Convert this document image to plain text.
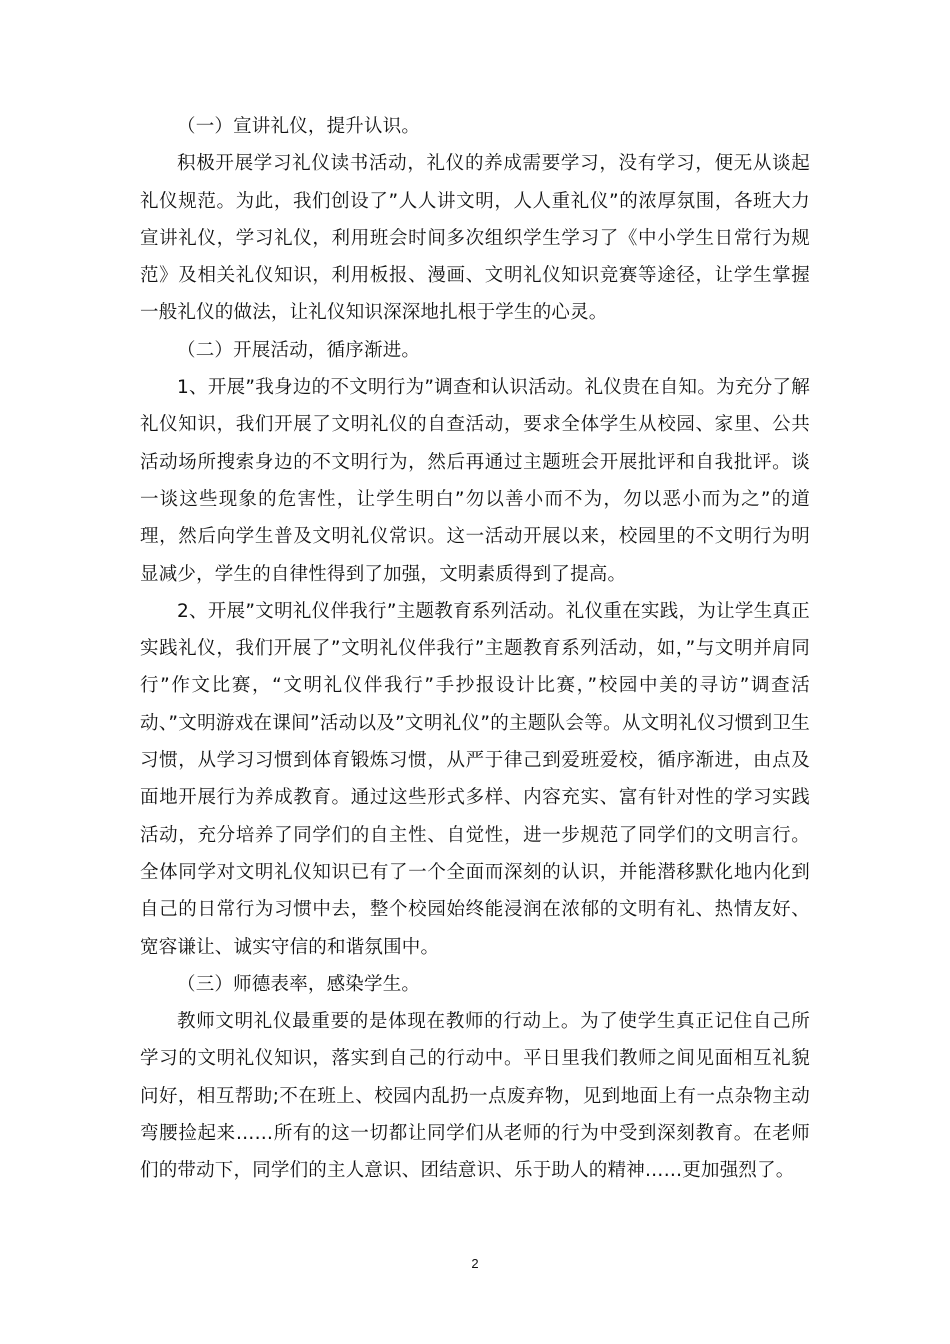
（一）宣讲礼仪，提升认识。

积极开展学习礼仪读书活动，礼仪的养成需要学习，没有学习，便无从谈起礼仪规范。为此，我们创设了”人人讲文明，人人重礼仪”的浓厚氛围，各班大力宣讲礼仪，学习礼仪，利用班会时间多次组织学生学习了《中小学生日常行为规范》及相关礼仪知识，利用板报、漫画、文明礼仪知识竞赛等途径，让学生掌握一般礼仪的做法，让礼仪知识深深地扎根于学生的心灵。

（二）开展活动，循序渐进。

1、开展”我身边的不文明行为”调查和认识活动。礼仪贵在自知。为充分了解礼仪知识，我们开展了文明礼仪的自查活动，要求全体学生从校园、家里、公共活动场所搜索身边的不文明行为，然后再通过主题班会开展批评和自我批评。谈一谈这些现象的危害性，让学生明白”勿以善小而不为，勿以恶小而为之”的道理，然后向学生普及文明礼仪常识。这一活动开展以来，校园里的不文明行为明显减少，学生的自律性得到了加强，文明素质得到了提高。

2、开展”文明礼仪伴我行”主题教育系列活动。礼仪重在实践，为让学生真正实践礼仪，我们开展了”文明礼仪伴我行”主题教育系列活动，如，”与文明并肩同行”作文比赛，“文明礼仪伴我行”手抄报设计比赛，”校园中美的寻访”调查活动、”文明游戏在课间”活动以及”文明礼仪”的主题队会等。从文明礼仪习惯到卫生习惯，从学习习惯到体育锻炼习惯，从严于律己到爱班爱校，循序渐进，由点及面地开展行为养成教育。通过这些形式多样、内容充实、富有针对性的学习实践活动，充分培养了同学们的自主性、自觉性，进一步规范了同学们的文明言行。全体同学对文明礼仪知识已有了一个全面而深刻的认识，并能潜移默化地内化到自己的日常行为习惯中去，整个校园始终能浸润在浓郁的文明有礼、热情友好、宽容谦让、诚实守信的和谐氛围中。

（三）师德表率，感染学生。

教师文明礼仪最重要的是体现在教师的行动上。为了使学生真正记住自己所学习的文明礼仪知识，落实到自己的行动中。平日里我们教师之间见面相互礼貌问好，相互帮助;不在班上、校园内乱扔一点废弃物，见到地面上有一点杂物主动弯腰捡起来……所有的这一切都让同学们从老师的行为中受到深刻教育。在老师们的带动下，同学们的主人意识、团结意识、乐于助人的精神……更加强烈了。

2
